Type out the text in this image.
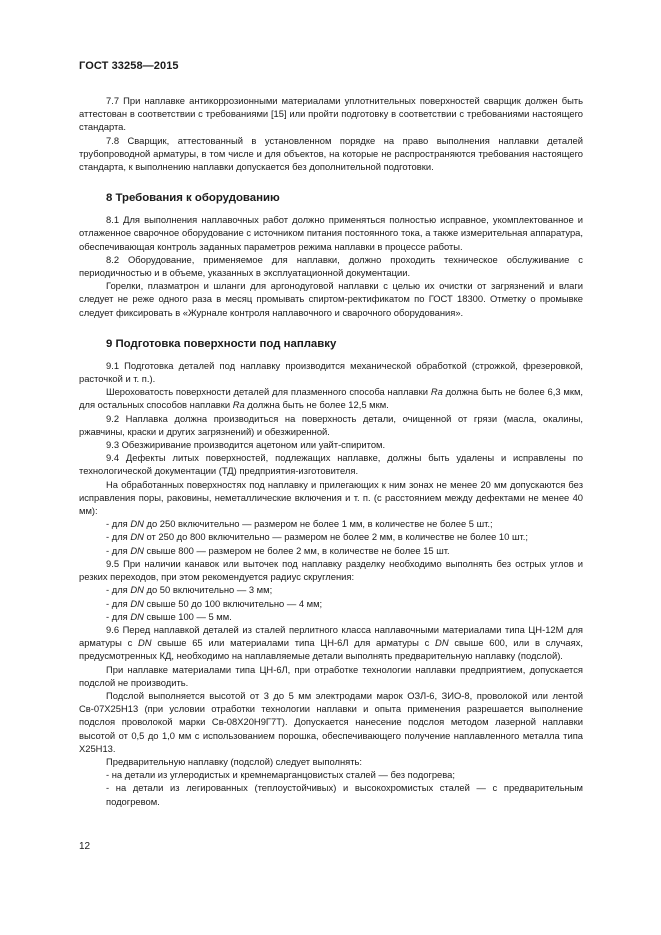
ГОСТ 33258—2015

7.7 При наплавке антикоррозионными материалами уплотнительных поверхностей сварщик должен быть аттестован в соответствии с требованиями [15] или пройти подготовку в соответствии с требованиями настоящего стандарта.

7.8 Сварщик, аттестованный в установленном порядке на право выполнения наплавки деталей трубопроводной арматуры, в том числе и для объектов, на которые не распространяются требования настоящего стандарта, к выполнению наплавки допускается без дополнительной подготовки.

8 Требования к оборудованию

8.1 Для выполнения наплавочных работ должно применяться полностью исправное, укомплектованное и отлаженное сварочное оборудование с источником питания постоянного тока, а также измерительная аппаратура, обеспечивающая контроль заданных параметров режима наплавки в процессе работы.

8.2 Оборудование, применяемое для наплавки, должно проходить техническое обслуживание с периодичностью и в объеме, указанных в эксплуатационной документации.

Горелки, плазматрон и шланги для аргонодуговой наплавки с целью их очистки от загрязнений и влаги следует не реже одного раза в месяц промывать спиртом-ректификатом по ГОСТ 18300. Отметку о промывке следует фиксировать в «Журнале контроля наплавочного и сварочного оборудования».

9 Подготовка поверхности под наплавку

9.1 Подготовка деталей под наплавку производится механической обработкой (строжкой, фрезеровкой, расточкой и т. п.).

Шероховатость поверхности деталей для плазменного способа наплавки Ra должна быть не более 6,3 мкм, для остальных способов наплавки Ra должна быть не более 12,5 мкм.

9.2 Наплавка должна производиться на поверхность детали, очищенной от грязи (масла, окалины, ржавчины, краски и других загрязнений) и обезжиренной.

9.3 Обезжиривание производится ацетоном или уайт-спиритом.

9.4 Дефекты литых поверхностей, подлежащих наплавке, должны быть удалены и исправлены по технологической документации (ТД) предприятия-изготовителя.

На обработанных поверхностях под наплавку и прилегающих к ним зонах не менее 20 мм допускаются без исправления поры, раковины, неметаллические включения и т. п. (с расстоянием между дефектами не менее 40 мм):

- для DN до 250 включительно — размером не более 1 мм, в количестве не более 5 шт.;

- для DN от 250 до 800 включительно — размером не более 2 мм, в количестве не более 10 шт.;

- для DN свыше 800 — размером не более 2 мм, в количестве не более 15 шт.

9.5 При наличии канавок или выточек под наплавку разделку необходимо выполнять без острых углов и резких переходов, при этом рекомендуется радиус скругления:

- для DN до 50 включительно — 3 мм;

- для DN свыше 50 до 100 включительно — 4 мм;

- для DN свыше 100 — 5 мм.

9.6 Перед наплавкой деталей из сталей перлитного класса наплавочными материалами типа ЦН-12М для арматуры с DN свыше 65 или материалами типа ЦН-6Л для арматуры с DN свыше 600, или в случаях, предусмотренных КД, необходимо на наплавляемые детали выполнять предварительную наплавку (подслой).

При наплавке материалами типа ЦН-6Л, при отработке технологии наплавки предприятием, допускается подслой не производить.

Подслой выполняется высотой от 3 до 5 мм электродами марок ОЗЛ-6, ЗИО-8, проволокой или лентой Св-07Х25Н13 (при условии отработки технологии наплавки и опыта применения разрешается выполнение подслоя проволокой марки Св-08Х20Н9Г7Т). Допускается нанесение подслоя методом лазерной наплавки высотой от 0,5 до 1,0 мм с использованием порошка, обеспечивающего получение наплавленного металла типа Х25Н13.

Предварительную наплавку (подслой) следует выполнять:

- на детали из углеродистых и кремнемарганцовистых сталей — без подогрева;

- на детали из легированных (теплоустойчивых) и высокохромистых сталей — с предварительным подогревом.

12
